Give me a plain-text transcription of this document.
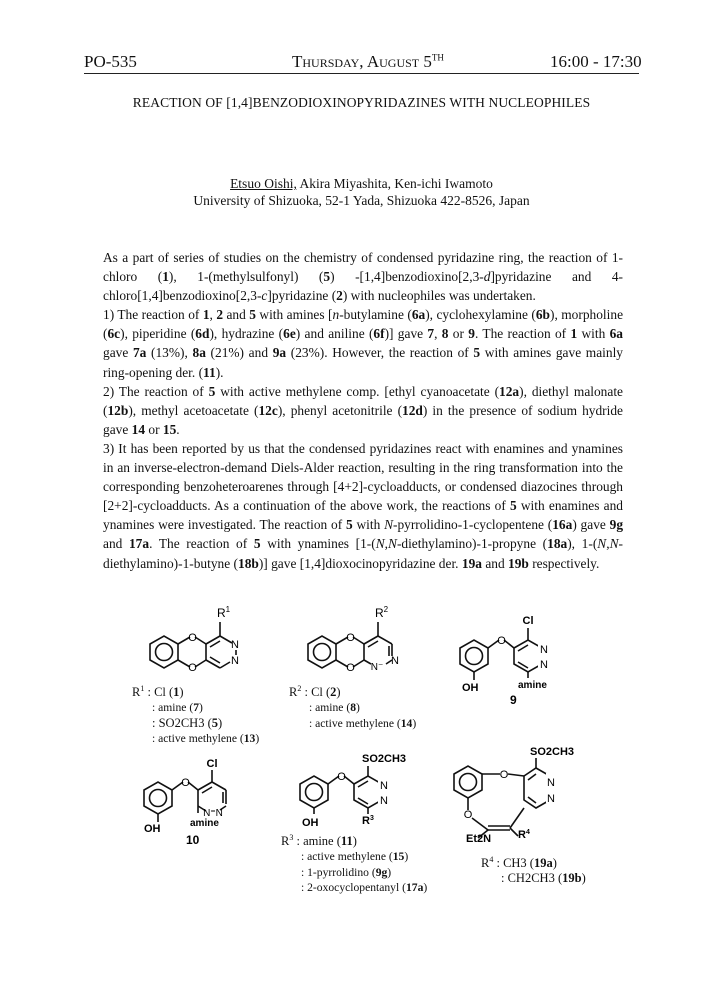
PO-535	Thursday, August 5TH	16:00 - 17:30
REACTION OF [1,4]BENZODIOXINOPYRIDAZINES WITH NUCLEOPHILES
Etsuo Oishi, Akira Miyashita, Ken-ichi Iwamoto
University of Shizuoka, 52-1 Yada, Shizuoka 422-8526, Japan

As a part of series of studies on the chemistry of condensed pyridazine ring, the reaction of 1-chloro (1), 1-(methylsulfonyl) (5) -[1,4]benzodioxino[2,3-d]pyridazine and 4-chloro[1,4]benzodioxino[2,3-c]pyridazine (2) with nucleophiles was undertaken.

1) The reaction of 1, 2 and 5 with amines [n-butylamine (6a), cyclohexylamine (6b), morpholine (6c), piperidine (6d), hydrazine (6e) and aniline (6f)] gave 7, 8 or 9. The reaction of 1 with 6a gave 7a (13%), 8a (21%) and 9a (23%). However, the reaction of 5 with amines gave mainly ring-opening der. (11).

2) The reaction of 5 with active methylene comp. [ethyl cyanoacetate (12a), diethyl malonate (12b), methyl acetoacetate (12c), phenyl acetonitrile (12d) in the presence of sodium hydride gave 14 or 15.

3) It has been reported by us that the condensed pyridazines react with enamines and ynamines in an inverse-electron-demand Diels-Alder reaction, resulting in the ring transformation into the corresponding benzoheteroarenes through [4+2]-cycloadducts, or condensed diazocines through [2+2]-cycloadducts. As a continuation of the above work, the reactions of 5 with enamines and ynamines were investigated. The reaction of 5 with N-pyrrolidino-1-cyclopentene (16a) gave 9g and 17a. The reaction of 5 with ynamines [1-(N,N-diethylamino)-1-propyne (18a), 1-(N,N-diethylamino)-1-butyne (18b)] gave [1,4]dioxocinopyridazine der. 19a and 19b respectively.

O
O
N
N
$R^1$
$R^1$ : Cl (1)
: amine (7)
: SO2CH3 (5)
: active methylene (13)
O
O N⁻
N
$R^2$
$R^2$ : Cl (2)
: amine (8)
: active methylene (14)
O
N
N
Cl
OH	amine
9
O
N⁼N
Cl
OH	amine
10
O
N
N
SO2CH3
OH	$R^3$
$R^3$ : amine (11)
: active methylene (15)
: 1-pyrrolidino (9g)
: 2-oxocyclopentanyl (17a)
O
O
N
N
SO2CH3
Et2N $R^4$
$R^4$ : CH3 (19a)
: CH2CH3 (19b)
